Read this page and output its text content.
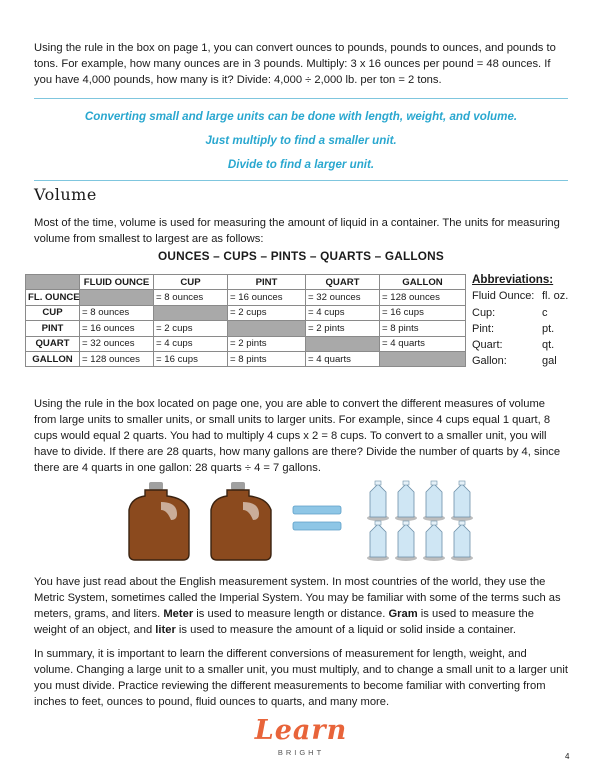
Using the rule in the box on page 1, you can convert ounces to pounds, pounds to ounces, and pounds to tons. For example, how many ounces are in 3 pounds. Multiply: 3 x 16 ounces per pound = 48 ounces. If you have 4,000 pounds, how many is it? Divide: 4,000 ÷ 2,000 lb. per ton = 2 tons.

Converting small and large units can be done with length, weight, and volume.

Just multiply to find a smaller unit.

Divide to find a larger unit.

Volume

Most of the time, volume is used for measuring the amount of liquid in a container. The units for measuring volume from smallest to largest are as follows:

OUNCES – CUPS – PINTS – QUARTS – GALLONS
	FLUID OUNCE	CUP	PINT	QUART	GALLON
FL. OUNCE		= 8 ounces	= 16 ounces	= 32 ounces	= 128 ounces
CUP	= 8 ounces		= 2 cups	= 4 cups	= 16 cups
PINT	= 16 ounces	= 2 cups		= 2 pints	= 8 pints
QUART	= 32 ounces	= 4 cups	= 2 pints		= 4 quarts
GALLON	= 128 ounces	= 16 cups	= 8 pints	= 4 quarts	
Abbreviations:
Fluid Ounce: fl. oz.
Cup:	c
Pint:	pt.
Quart:	qt.
Gallon:	gal

Using the rule in the box located on page one, you are able to convert the different measures of volume from large units to smaller units, or small units to larger units. For example, since 4 cups equal 1 quart, 8 cups would equal 2 quarts. You had to multiply 4 cups x 2 = 8 cups. To convert to a smaller unit, you will have to divide. If there are 28 quarts, how many gallons are there? Divide the number of quarts by 4, since there are 4 quarts in one gallon: 28 quarts ÷ 4 = 7 gallons.

You have just read about the English measurement system. In most countries of the world, they use the Metric System, sometimes called the Imperial System. You may be familiar with some of the terms such as meters, grams, and liters. Meter is used to measure length or distance. Gram is used to measure the weight of an object, and liter is used to measure the amount of a liquid or solid inside a container.

In summary, it is important to learn the different conversions of measurement for length, weight, and volume. Changing a large unit to a smaller unit, you must multiply, and to change a small unit to a larger unit you must divide. Practice reviewing the different measurements to become familiar with converting from inches to feet, ounces to pound, fluid ounces to quarts, and many more.

Learn
BRIGHT	4
